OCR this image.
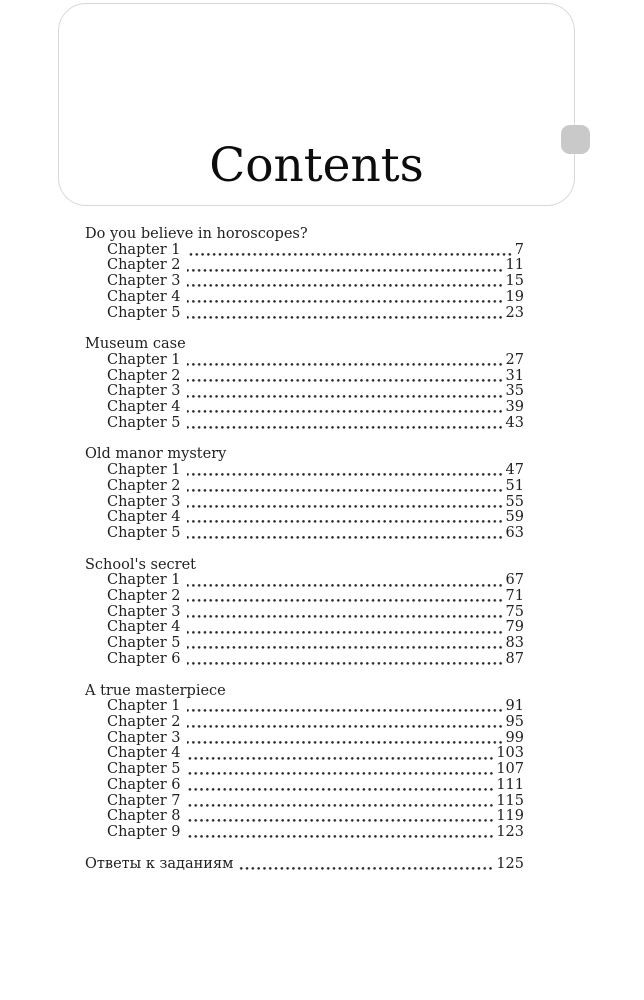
Contents
Do you believe in horoscopes?
Chapter 1	7
Chapter 2	11
Chapter 3	15
Chapter 4	19
Chapter 5	23
Museum case
Chapter 1	27
Chapter 2	31
Chapter 3	35
Chapter 4	39
Chapter 5	43
Old manor mystery
Chapter 1	47
Chapter 2	51
Chapter 3	55
Chapter 4	59
Chapter 5	63
School's secret
Chapter 1	67
Chapter 2	71
Chapter 3	75
Chapter 4	79
Chapter 5	83
Chapter 6	87
A true masterpiece
Chapter 1	91
Chapter 2	95
Chapter 3	99
Chapter 4	103
Chapter 5	107
Chapter 6	111
Chapter 7	115
Chapter 8	119
Chapter 9	123
Ответы к заданиям	125
